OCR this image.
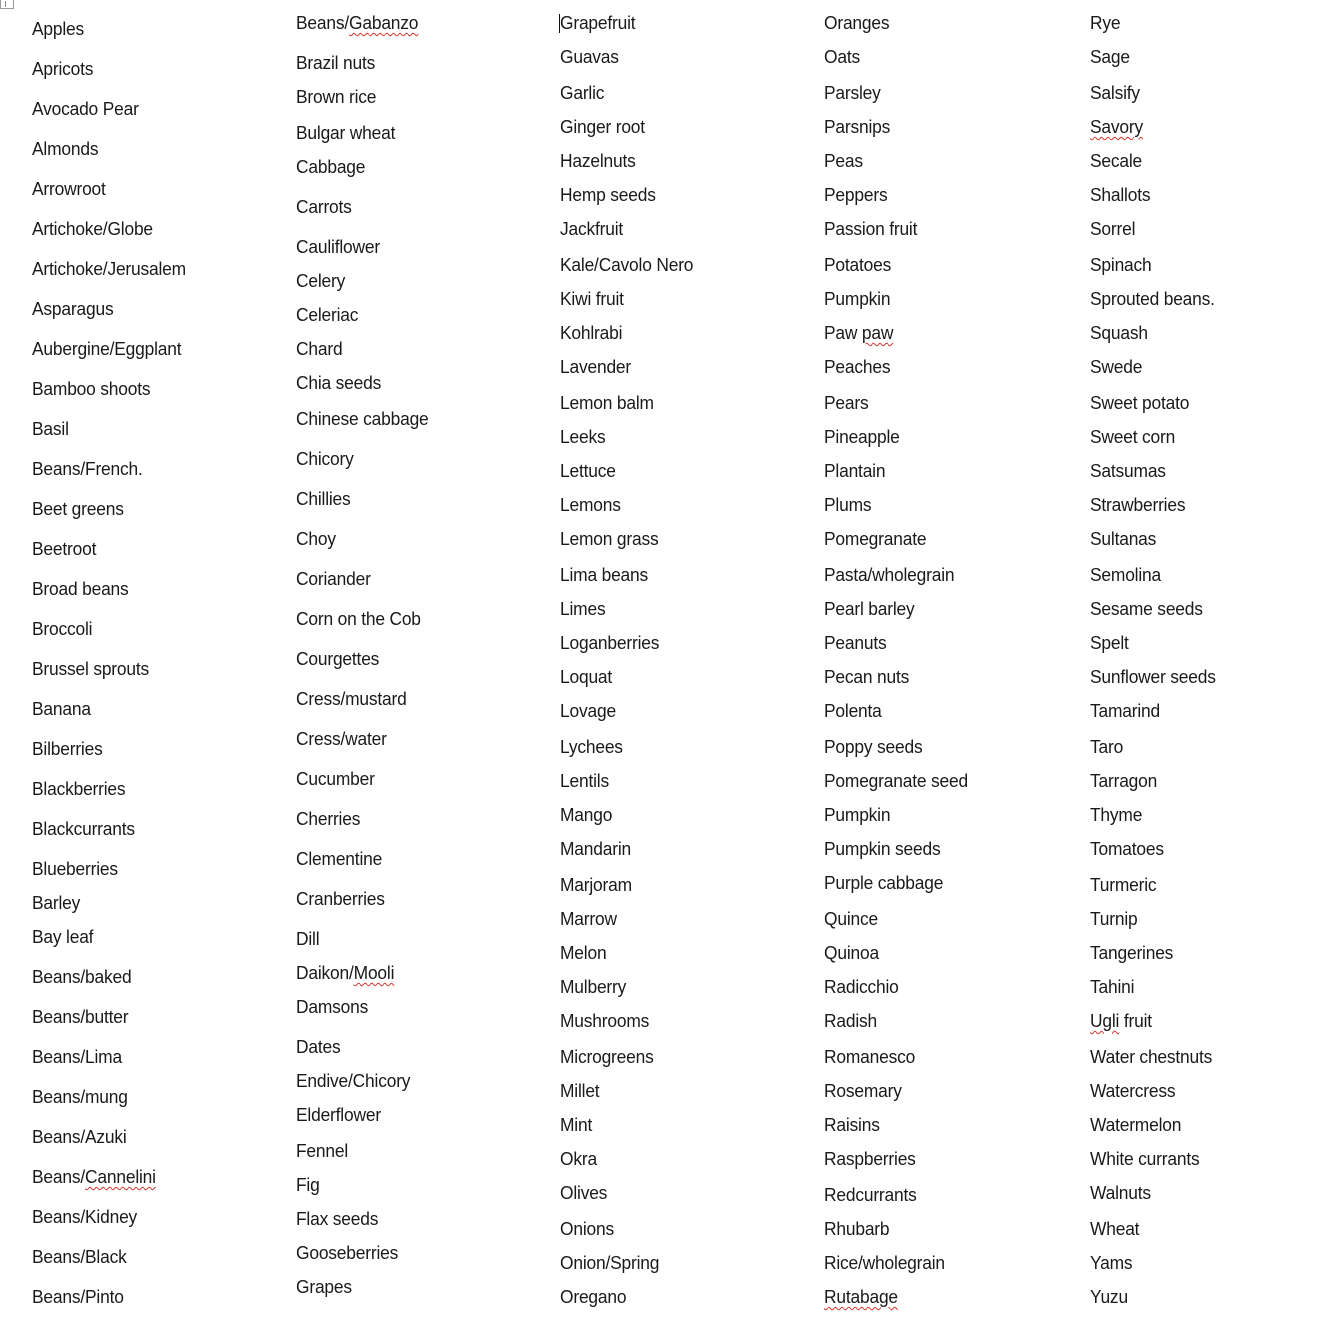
Apples
Apricots
Avocado Pear
Almonds
Arrowroot
Artichoke/Globe
Artichoke/Jerusalem
Asparagus
Aubergine/Eggplant
Bamboo shoots
Basil
Beans/French.
Beet greens
Beetroot
Broad beans
Broccoli
Brussel sprouts
Banana
Bilberries
Blackberries
Blackcurrants
Blueberries
Barley
Bay leaf
Beans/baked
Beans/butter
Beans/Lima
Beans/mung
Beans/Azuki
Beans/Cannelini
Beans/Kidney
Beans/Black
Beans/Pinto
Beans/Gabanzo
Brazil nuts
Brown rice
Bulgar wheat
Cabbage
Carrots
Cauliflower
Celery
Celeriac
Chard
Chia seeds
Chinese cabbage
Chicory
Chillies
Choy
Coriander
Corn on the Cob
Courgettes
Cress/mustard
Cress/water
Cucumber
Cherries
Clementine
Cranberries
Dill
Daikon/Mooli
Damsons
Dates
Endive/Chicory
Elderflower
Fennel
Fig
Flax seeds
Gooseberries
Grapes
Grapefruit
Guavas
Garlic
Ginger root
Hazelnuts
Hemp seeds
Jackfruit
Kale/Cavolo Nero
Kiwi fruit
Kohlrabi
Lavender
Lemon balm
Leeks
Lettuce
Lemons
Lemon grass
Lima beans
Limes
Loganberries
Loquat
Lovage
Lychees
Lentils
Mango
Mandarin
Marjoram
Marrow
Melon
Mulberry
Mushrooms
Microgreens
Millet
Mint
Okra
Olives
Onions
Onion/Spring
Oregano
Oranges
Oats
Parsley
Parsnips
Peas
Peppers
Passion fruit
Potatoes
Pumpkin
Paw paw
Peaches
Pears
Pineapple
Plantain
Plums
Pomegranate
Pasta/wholegrain
Pearl barley
Peanuts
Pecan nuts
Polenta
Poppy seeds
Pomegranate seed
Pumpkin
Pumpkin seeds
Purple cabbage
Quince
Quinoa
Radicchio
Radish
Romanesco
Rosemary
Raisins
Raspberries
Redcurrants
Rhubarb
Rice/wholegrain
Rutabage
Rye
Sage
Salsify
Savory
Secale
Shallots
Sorrel
Spinach
Sprouted beans.
Squash
Swede
Sweet potato
Sweet corn
Satsumas
Strawberries
Sultanas
Semolina
Sesame seeds
Spelt
Sunflower seeds
Tamarind
Taro
Tarragon
Thyme
Tomatoes
Turmeric
Turnip
Tangerines
Tahini
Ugli fruit
Water chestnuts
Watercress
Watermelon
White currants
Walnuts
Wheat
Yams
Yuzu
